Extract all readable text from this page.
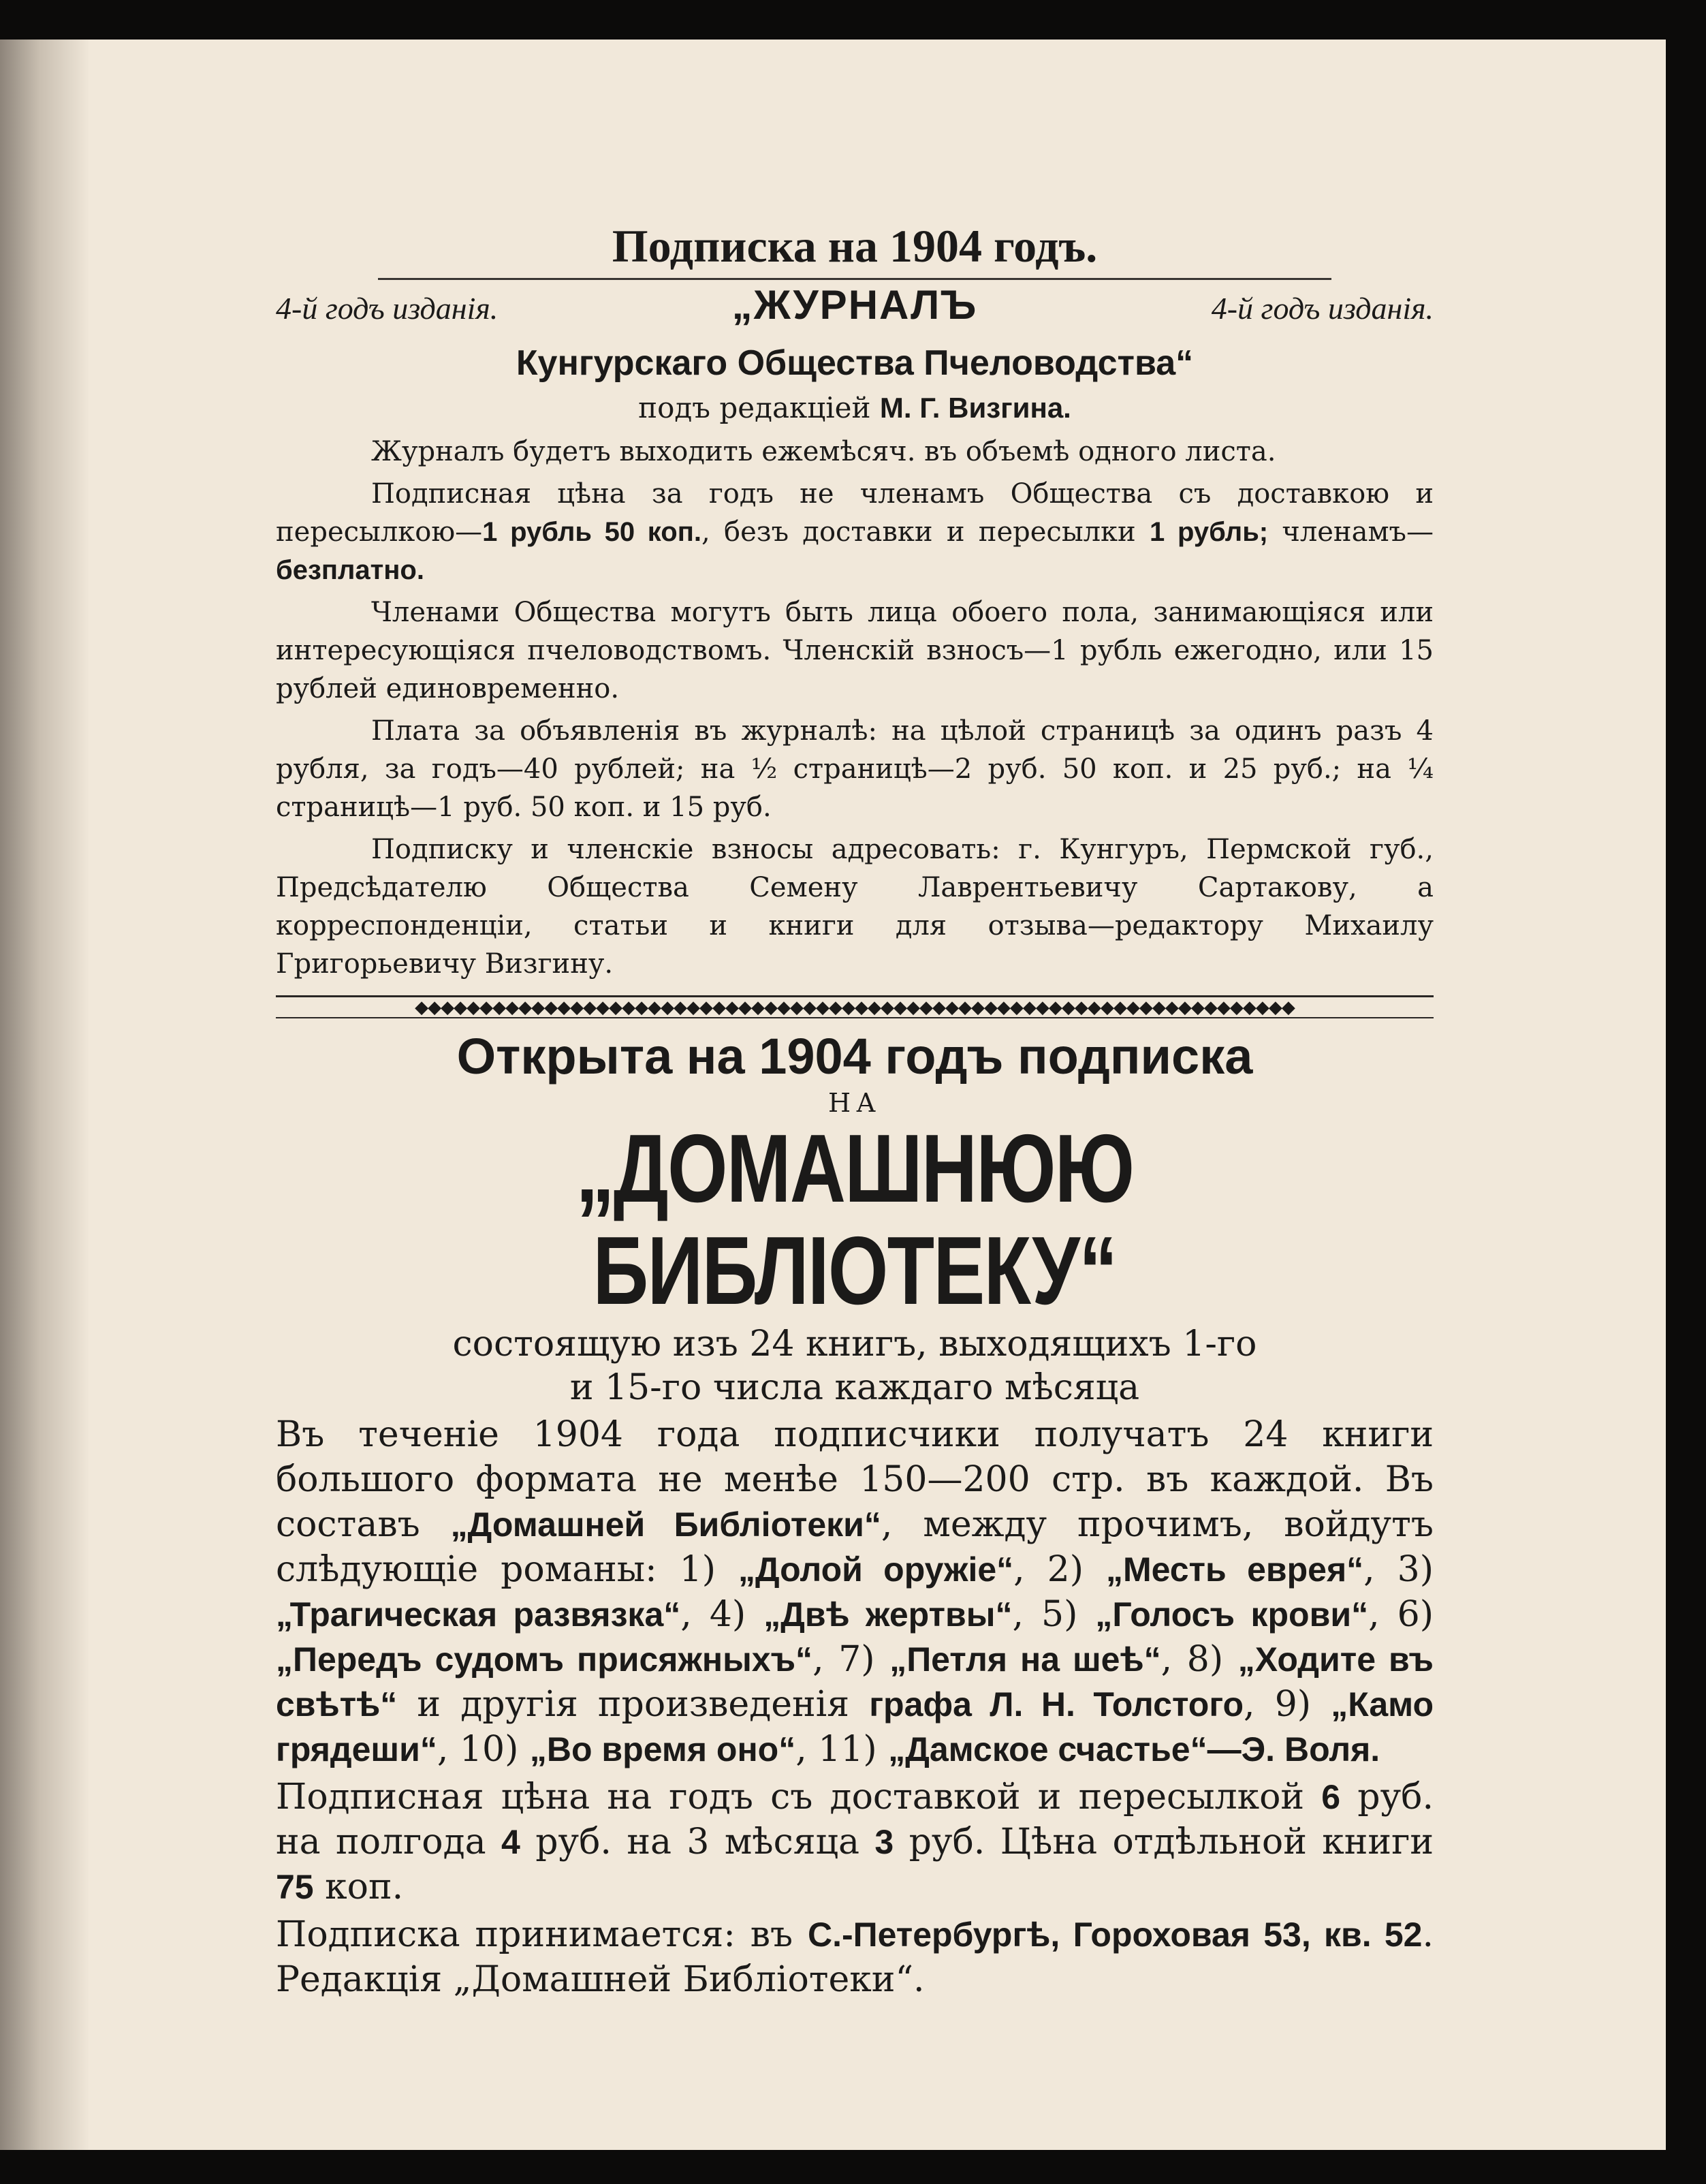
Подписка на 1904 годъ.
4-й годъ изданія.	„ЖУРНАЛЪ	4-й годъ изданія.

Кунгурскаго Общества Пчеловодства“

подъ редакціей М. Г. Визгина.

Журналъ будетъ выходить ежемѣсяч. въ объемѣ одного листа.

Подписная цѣна за годъ не членамъ Общества съ доставкою и пересылкою—1 рубль 50 коп., безъ доставки и пересылки 1 рубль; членамъ—безплатно.

Членами Общества могутъ быть лица обоего пола, занимающіяся или интересующіяся пчеловодствомъ. Членскій взносъ—1 рубль ежегодно, или 15 рублей единовременно.

Плата за объявленія въ журналѣ: на цѣлой страницѣ за одинъ разъ 4 рубля, за годъ—40 рублей; на ½ страницѣ—2 руб. 50 коп. и 25 руб.; на ¼ страницѣ—1 руб. 50 коп. и 15 руб.

Подписку и членскіе взносы адресовать: г. Кунгуръ, Пермской губ., Предсѣдателю Общества Семену Лаврентьевичу Сартакову, а корреспонденціи, статьи и книги для отзыва—редактору Михаилу Григорьевичу Визгину.

◆◆◆◆◆◆◆◆◆◆◆◆◆◆◆◆◆◆◆◆◆◆◆◆◆◆◆◆◆◆◆◆◆◆◆◆◆◆◆◆◆◆◆◆◆◆◆◆◆◆◆◆◆◆◆◆◆◆◆◆◆◆◆◆◆◆◆◆
Открыта на 1904 годъ подписка

НА

„ДОМАШНЮЮ БИБЛІОТЕКУ“

состоящую изъ 24 книгъ, выходящихъ 1-го

и 15-го числа каждаго мѣсяца

Въ теченіе 1904 года подписчики получатъ 24 книги большого формата не менѣе 150—200 стр. въ каждой. Въ составъ „Домашней Библіотеки“, между прочимъ, войдутъ слѣдующіе романы: 1) „Долой оружіе“, 2) „Месть еврея“, 3) „Трагическая развязка“, 4) „Двѣ жертвы“, 5) „Голосъ крови“, 6) „Передъ судомъ присяжныхъ“, 7) „Петля на шеѣ“, 8) „Ходите въ свѣтѣ“ и другія произведенія графа Л. Н. Толстого, 9) „Камо грядеши“, 10) „Во время оно“, 11) „Дамское счастье“—Э. Воля.

Подписная цѣна на годъ съ доставкой и пересылкой 6 руб. на полгода 4 руб. на 3 мѣсяца 3 руб. Цѣна отдѣльной книги 75 коп.

Подписка принимается: въ С.-Петербургѣ, Гороховая 53, кв. 52. Редакція „Домашней Библіотеки“.
